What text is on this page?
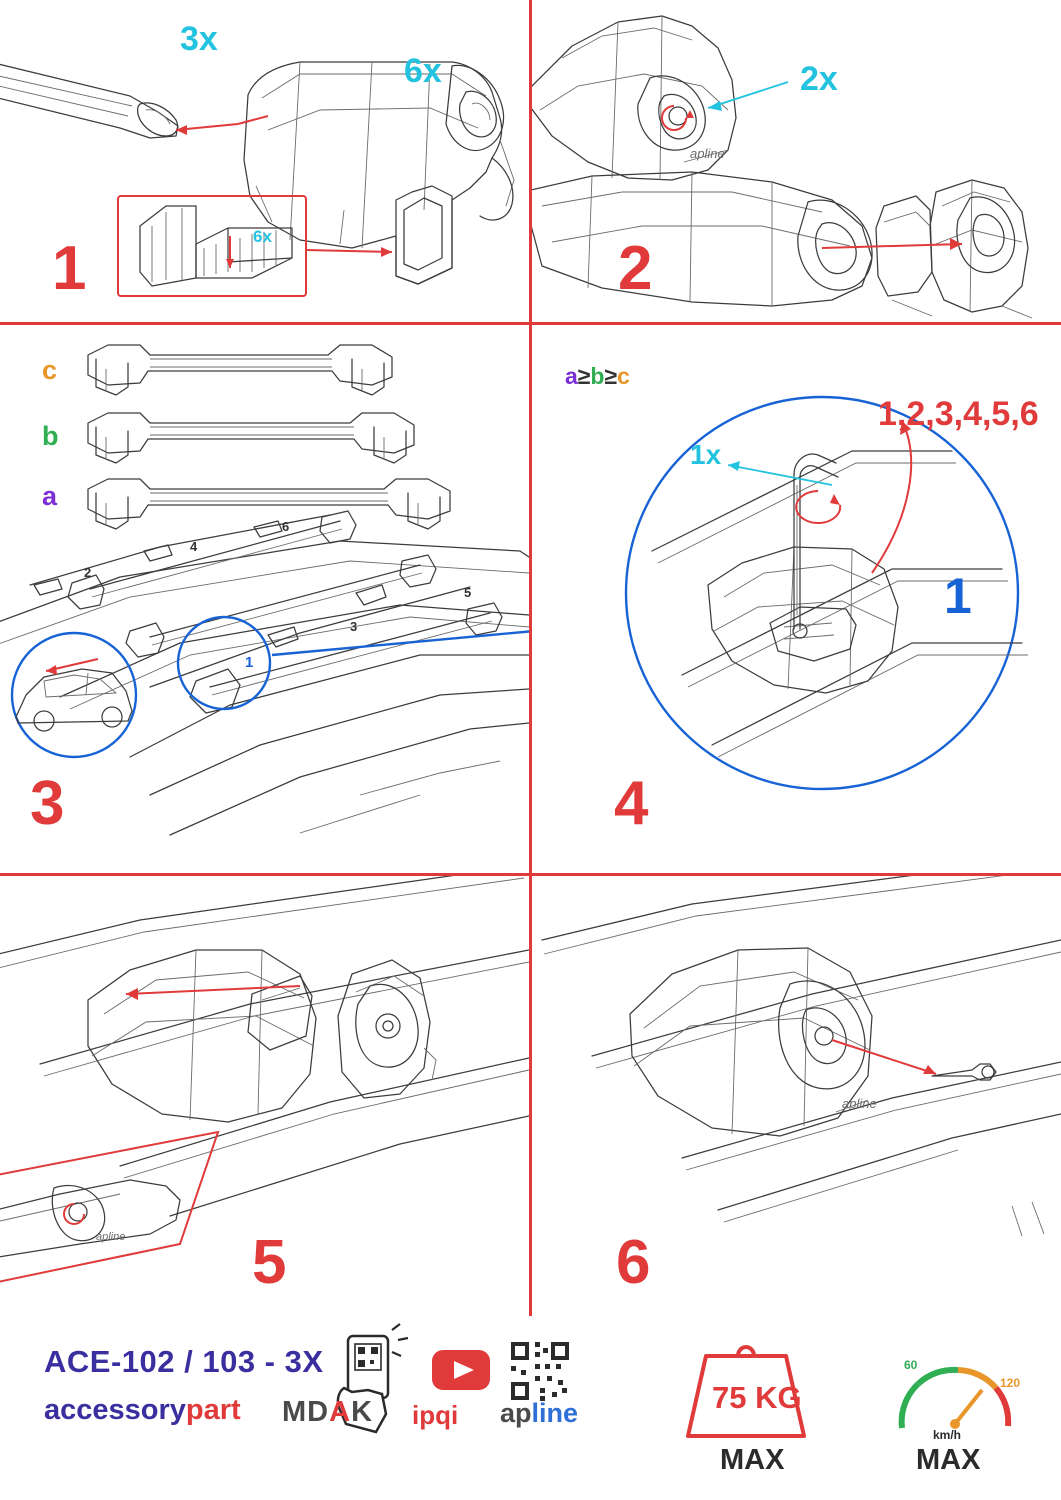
3x
6x
6x
1
apline
2x
2
c
b
a
2
4
6
3
5
1
3
a≥b≥c
1x
1,2,3,4,5,6
1
4
apline 5
apline
6
ACE-102 / 103 - 3X
accessorypart MDAK ipqi apline	75 KG
MAX
km/h
MAX
60
120
